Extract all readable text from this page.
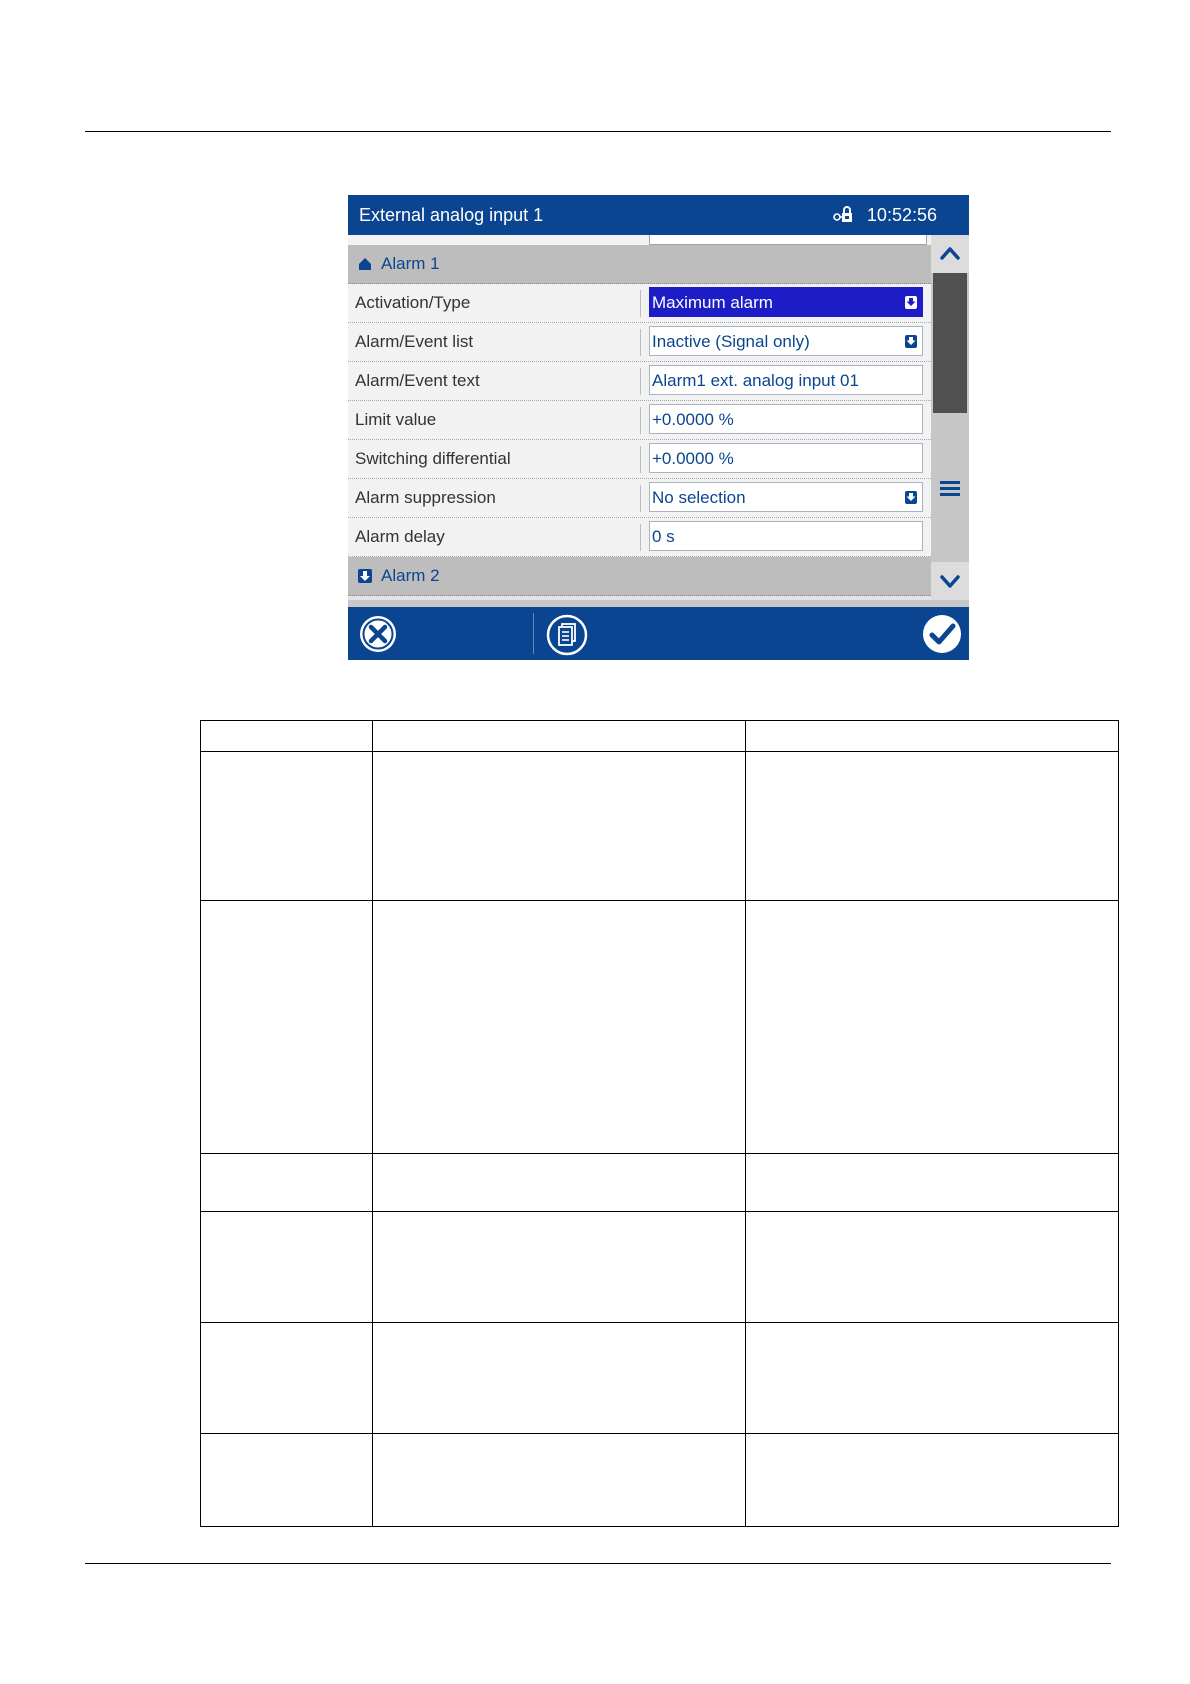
External analog input 1	10:52:56
Alarm 1
Activation/Type	Maximum alarm
Alarm/Event list	Inactive (Signal only)
Alarm/Event text	Alarm1 ext. analog input 01
Limit value	+0.0000 %
Switching differential	+0.0000 %
Alarm suppression	No selection
Alarm delay	0 s
Alarm 2
